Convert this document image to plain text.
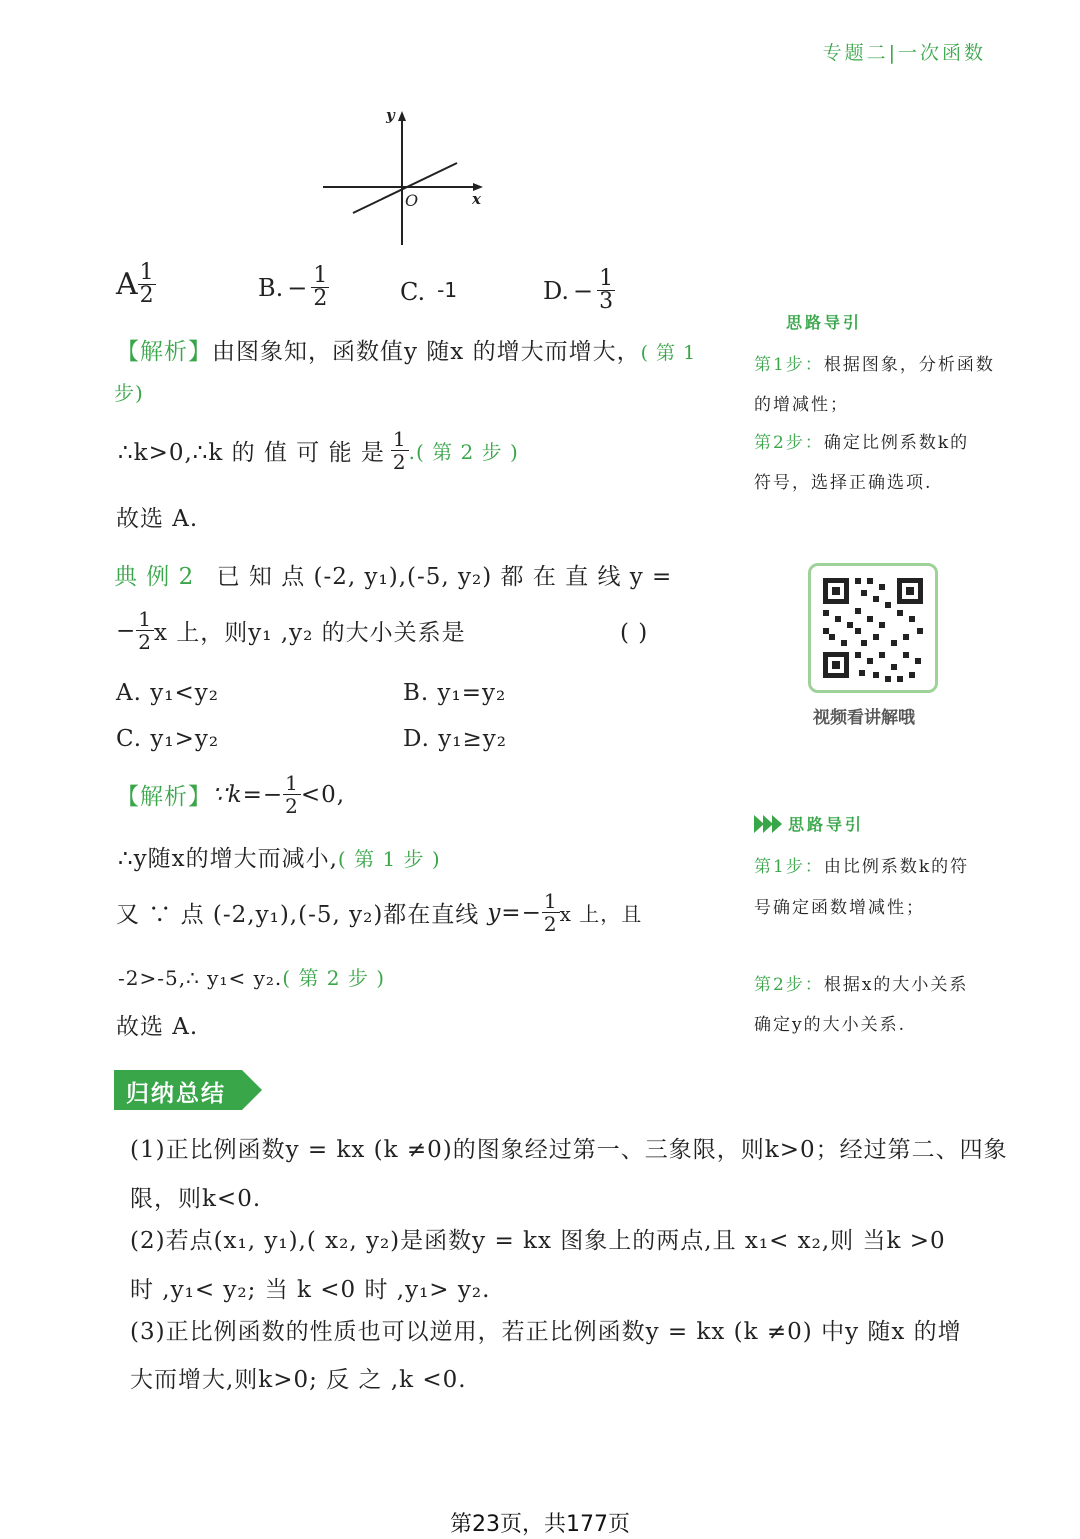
专题二|一次函数
y
x
O
A $\frac{1}{2}$	B. − $\frac{1}{2}$	C. -1	D. − $\frac{1}{3}$
【解析】由图象知，函数值y 随x 的增大而增大，( 第 1
步)
∴k>0,∴k 的 值 可 能 是 $\frac{1}{2}$ .( 第 2 步 )
故选 A.
典 例 2 已 知 点 (-2, y₁),(-5, y₂) 都 在 直 线 y =
− $\frac{1}{2}$ x 上，则y₁ ,y₂ 的大小关系是	( )
A. y₁<y₂	B. y₁=y₂
C. y₁>y₂	D. y₁≥y₂
【解析】 ∵k=− $\frac{1}{2} <0$,
∴y随x的增大而减小,( 第 1 步 )
又 ∵ 点 (-2,y₁),(-5, y₂)都在直线 $y=- \frac{1}{2}$ x 上，且
-2>-5,∴ y₁< y₂.( 第 2 步 )
故选 A.
思路导引
第1步：根据图象，分析函数
的增减性；
第2步：确定比例系数k的
符号，选择正确选项.
视频看讲解哦
思路导引
第1步：由比例系数k的符
号确定函数增减性；
第2步：根据x的大小关系
确定y的大小关系.
归纳总结
(1)正比例函数y = kx (k ≠0)的图象经过第一、三象限，则k>0；经过第二、四象
限，则k<0.
(2)若点(x₁, y₁),( x₂, y₂)是函数y = kx 图象上的两点,且 x₁< x₂,则 当k >0
时 ,y₁< y₂; 当 k <0 时 ,y₁> y₂.
(3)正比例函数的性质也可以逆用，若正比例函数y = kx (k ≠0) 中y 随x 的增
大而增大,则k>0; 反 之 ,k <0.
第23页，共177页
